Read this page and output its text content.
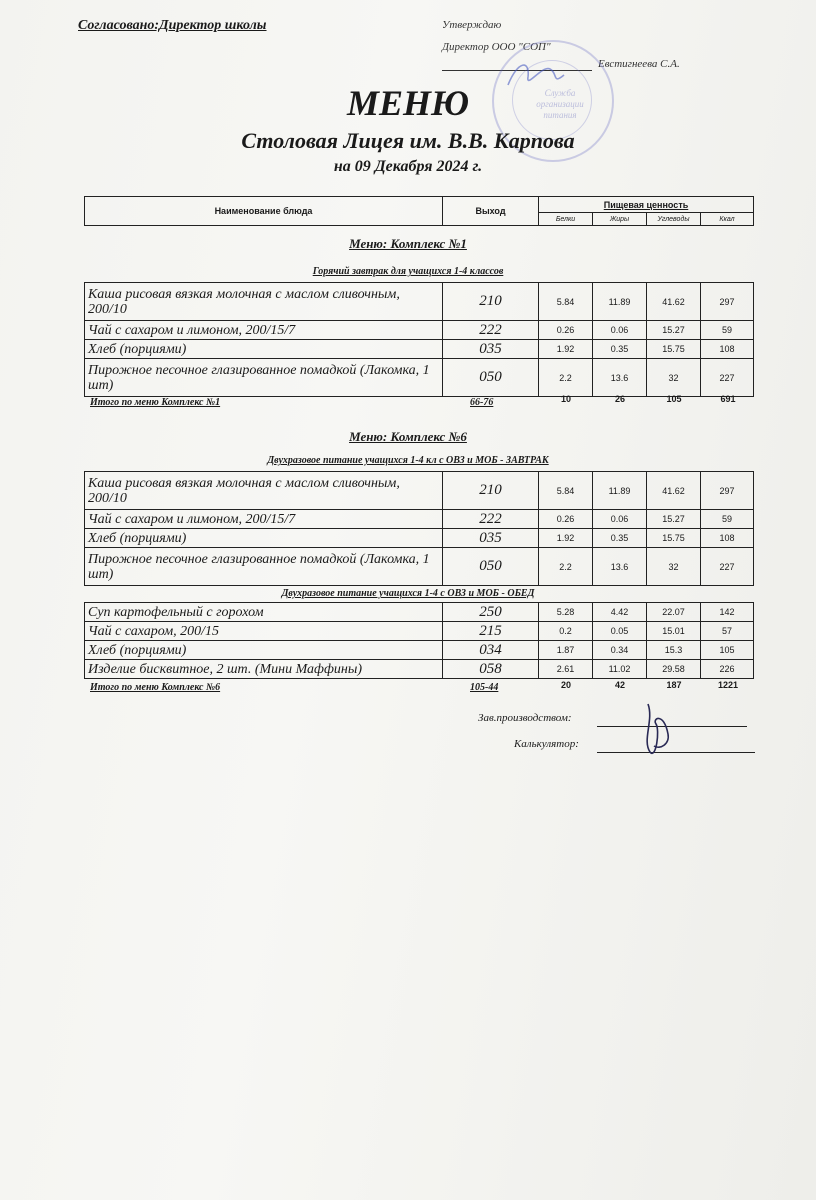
Согласовано:Директор школы	Утверждаю
Директор ООО "СОП"
Евстигнеева С.А.
Служба организации питания
МЕНЮ
Столовая Лицея им. В.В. Карпова
на 09 Декабря 2024 г.
Наименование блюда	Выход	Пищевая ценность			
		Белки	Жиры	Углеводы	Ккал
Меню: Комплекс №1
Горячий завтрак для учащихся 1-4 классов
Каша рисовая вязкая молочная с маслом сливочным, 200/10	210	5.84	11.89	41.62	297
Чай с сахаром и лимоном, 200/15/7	222	0.26	0.06	15.27	59
Хлеб (порциями)	035	1.92	0.35	15.75	108
Пирожное песочное глазированное помадкой (Лакомка, 1 шт)	050	2.2	13.6	32	227
Итого по меню Комплекс №1	66-76	10	26	105	691
Меню: Комплекс №6
Двухразовое питание учащихся 1-4 кл с ОВЗ и МОБ - ЗАВТРАК
Каша рисовая вязкая молочная с маслом сливочным, 200/10	210	5.84	11.89	41.62	297
Чай с сахаром и лимоном, 200/15/7	222	0.26	0.06	15.27	59
Хлеб (порциями)	035	1.92	0.35	15.75	108
Пирожное песочное глазированное помадкой (Лакомка, 1 шт)	050	2.2	13.6	32	227
Двухразовое питание учащихся 1-4 с ОВЗ и МОБ - ОБЕД
Суп картофельный с горохом	250	5.28	4.42	22.07	142
Чай с сахаром, 200/15	215	0.2	0.05	15.01	57
Хлеб (порциями)	034	1.87	0.34	15.3	105
Изделие бисквитное, 2 шт. (Мини Маффины)	058	2.61	11.02	29.58	226
Итого по меню Комплекс №6	105-44	20	42	187	1221
Зав.производством:
Калькулятор:
